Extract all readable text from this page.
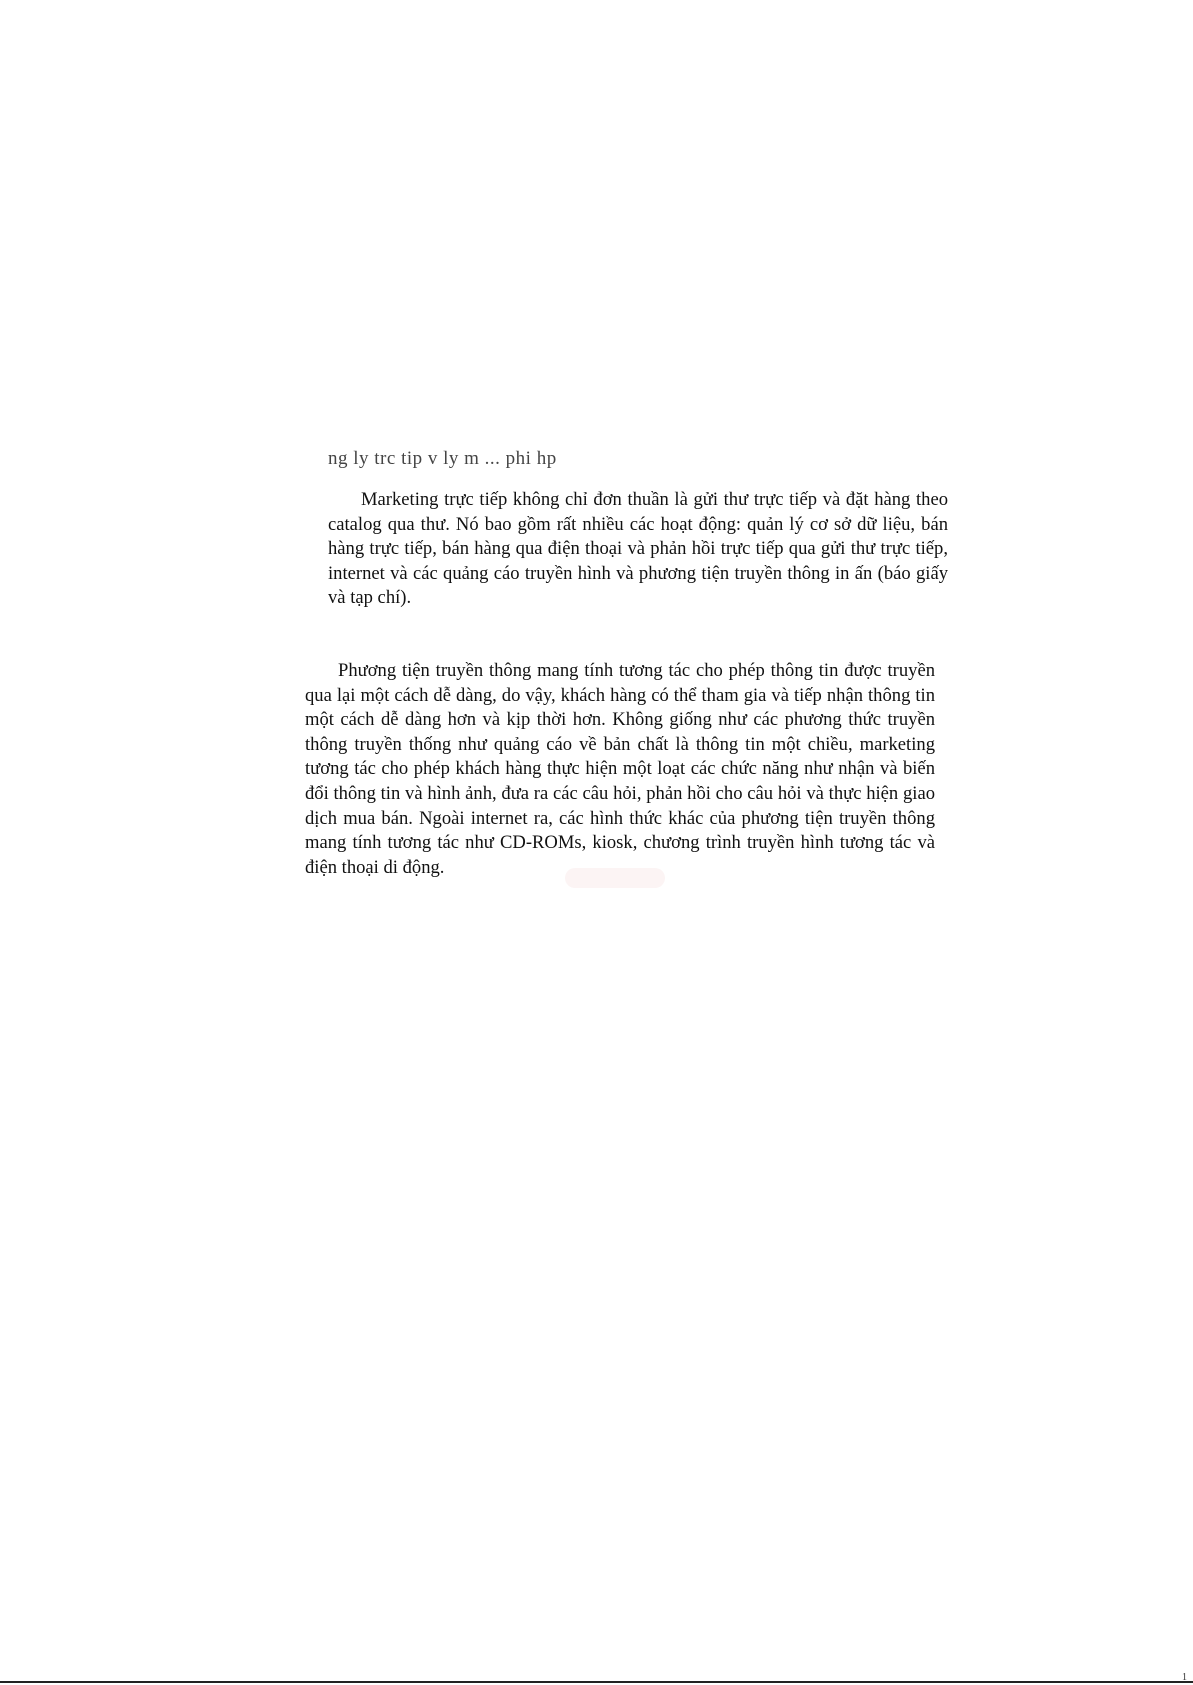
ng ly trc tip v ly m ... phi hp

Marketing trực tiếp không chỉ đơn thuần là gửi thư trực tiếp và đặt hàng theo catalog qua thư. Nó bao gồm rất nhiều các hoạt động: quản lý cơ sở dữ liệu, bán hàng trực tiếp, bán hàng qua điện thoại và phản hồi trực tiếp qua gửi thư trực tiếp, internet và các quảng cáo truyền hình và phương tiện truyền thông in ấn (báo giấy và tạp chí).

Phương tiện truyền thông mang tính tương tác cho phép thông tin được truyền qua lại một cách dễ dàng, do vậy, khách hàng có thể tham gia và tiếp nhận thông tin một cách dễ dàng hơn và kịp thời hơn. Không giống như các phương thức truyền thông truyền thống như quảng cáo về bản chất là thông tin một chiều, marketing tương tác cho phép khách hàng thực hiện một loạt các chức năng như nhận và biến đổi thông tin và hình ảnh, đưa ra các câu hỏi, phản hồi cho câu hỏi và thực hiện giao dịch mua bán. Ngoài internet ra, các hình thức khác của phương tiện truyền thông mang tính tương tác như CD-ROMs, kiosk, chương trình truyền hình tương tác và điện thoại di động.

1
